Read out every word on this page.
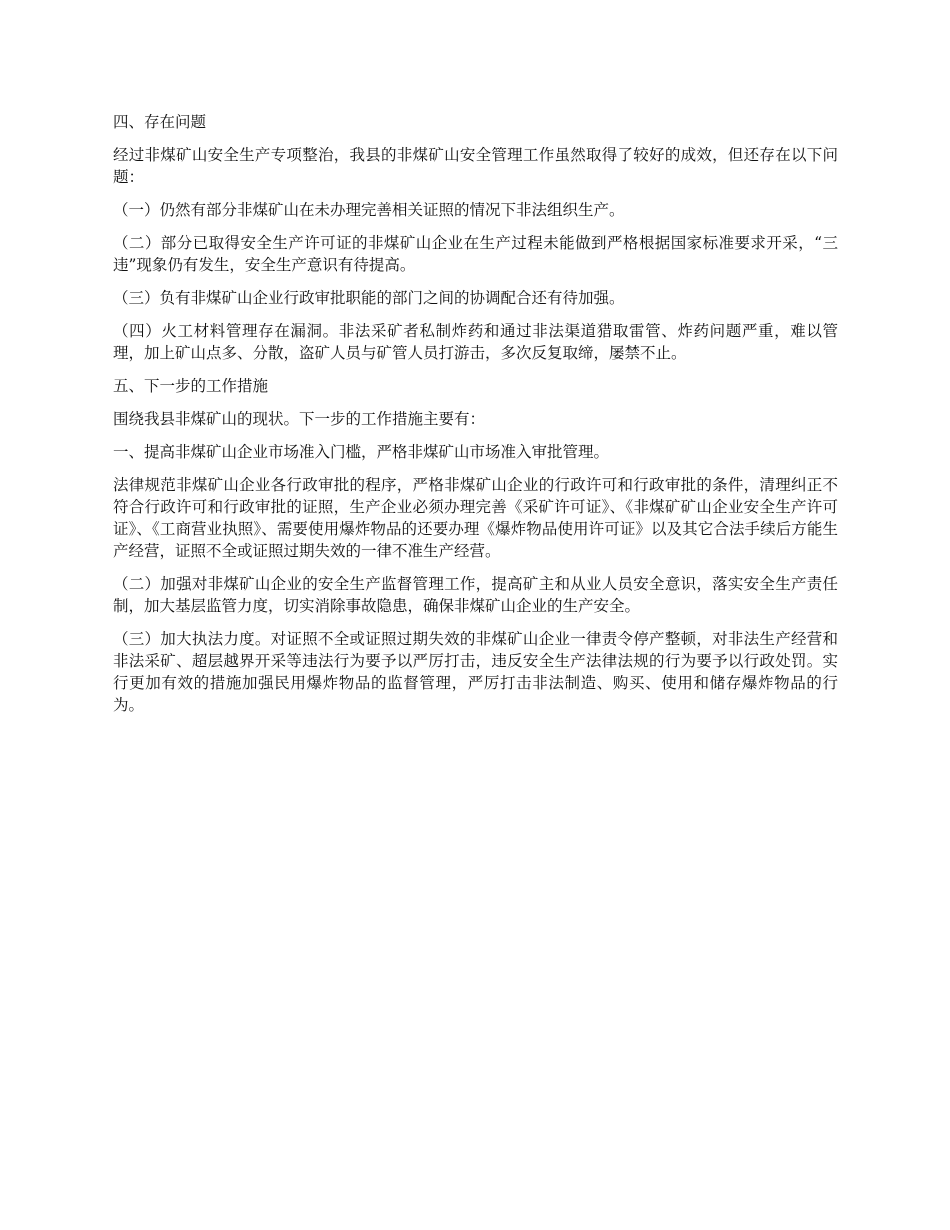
四、存在问题

经过非煤矿山安全生产专项整治，我县的非煤矿山安全管理工作虽然取得了较好的成效，但还存在以下问题：

（一）仍然有部分非煤矿山在未办理完善相关证照的情况下非法组织生产。

（二）部分已取得安全生产许可证的非煤矿山企业在生产过程未能做到严格根据国家标准要求开采，“三违”现象仍有发生，安全生产意识有待提高。

（三）负有非煤矿山企业行政审批职能的部门之间的协调配合还有待加强。

（四）火工材料管理存在漏洞。非法采矿者私制炸药和通过非法渠道猎取雷管、炸药问题严重，难以管理，加上矿山点多、分散，盗矿人员与矿管人员打游击，多次反复取缔，屡禁不止。

五、下一步的工作措施

围绕我县非煤矿山的现状。下一步的工作措施主要有：

一、提高非煤矿山企业市场准入门槛，严格非煤矿山市场准入审批管理。

法律规范非煤矿山企业各行政审批的程序，严格非煤矿山企业的行政许可和行政审批的条件，清理纠正不符合行政许可和行政审批的证照，生产企业必须办理完善《采矿许可证》、《非煤矿矿山企业安全生产许可证》、《工商营业执照》、需要使用爆炸物品的还要办理《爆炸物品使用许可证》以及其它合法手续后方能生产经营，证照不全或证照过期失效的一律不准生产经营。

（二）加强对非煤矿山企业的安全生产监督管理工作，提高矿主和从业人员安全意识，落实安全生产责任制，加大基层监管力度，切实消除事故隐患，确保非煤矿山企业的生产安全。

（三）加大执法力度。对证照不全或证照过期失效的非煤矿山企业一律责令停产整顿，对非法生产经营和非法采矿、超层越界开采等违法行为要予以严厉打击，违反安全生产法律法规的行为要予以行政处罚。实行更加有效的措施加强民用爆炸物品的监督管理，严厉打击非法制造、购买、使用和储存爆炸物品的行为。
